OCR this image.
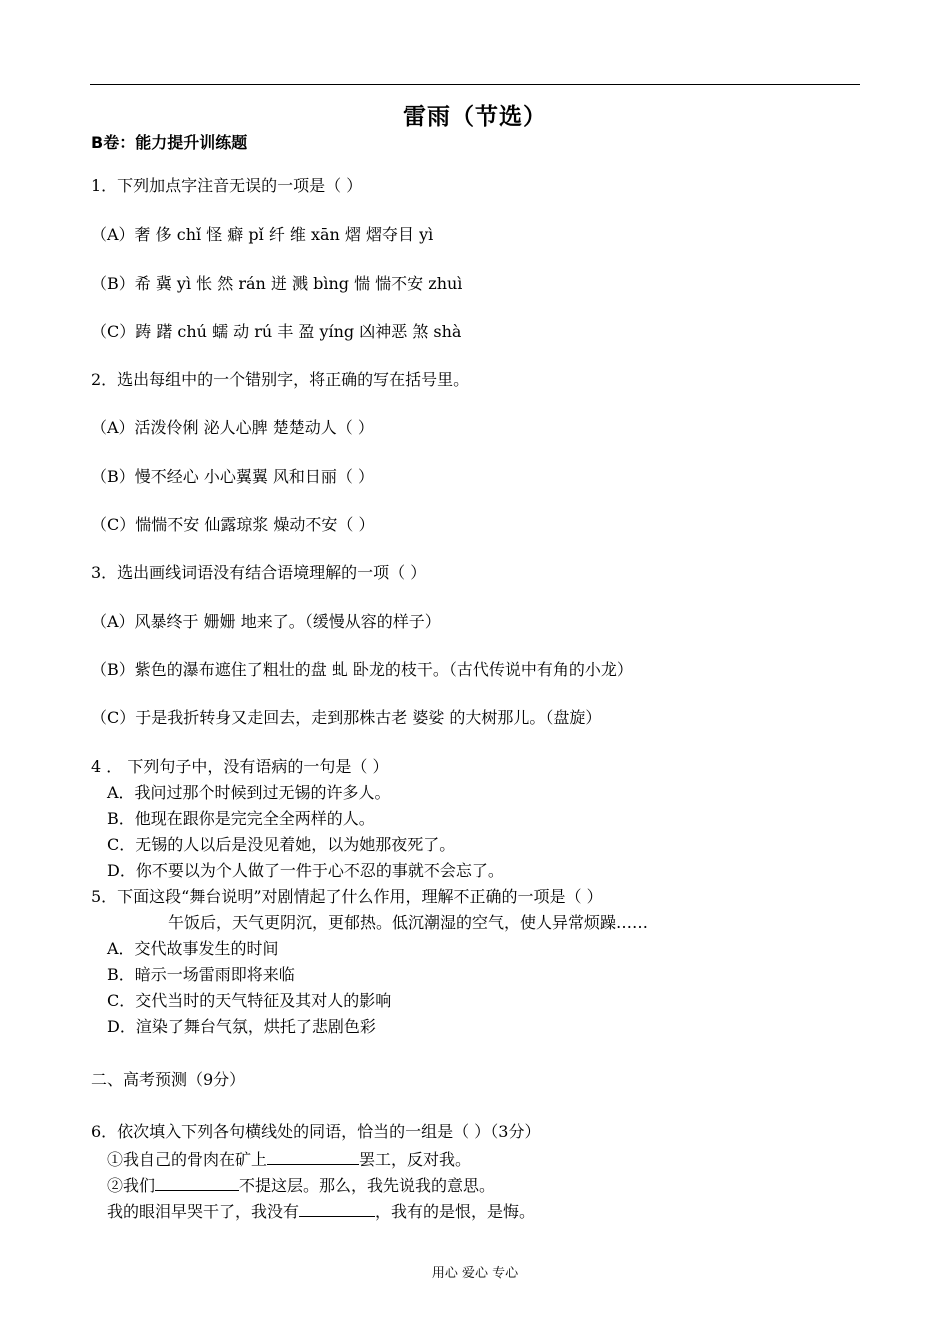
雷雨（节选）
B卷：能力提升训练题
1．下列加点字注音无误的一项是（ ）
（A）奢 侈 chǐ 怪 癖 pǐ 纤 维 xān 熠 熠夺目 yì
（B）希 冀 yì 怅 然 rán 迸 溅 bìng 惴 惴不安 zhuì
（C）踌 躇 chú 蠕 动 rú 丰 盈 yíng 凶神恶 煞 shà
2．选出每组中的一个错别字，将正确的写在括号里。
（A）活泼伶俐 泌人心脾 楚楚动人（ ）
（B）慢不经心 小心翼翼 风和日丽（ ）
（C）惴惴不安 仙露琼浆 燥动不安（ ）
3．选出画线词语没有结合语境理解的一项（ ）
（A）风暴终于 姗姗 地来了。（缓慢从容的样子）
（B）紫色的瀑布遮住了粗壮的盘 虬 卧龙的枝干。（古代传说中有角的小龙）
（C）于是我折转身又走回去，走到那株古老 婆娑 的大树那儿。（盘旋）
4 ． 下列句子中，没有语病的一句是（ ）
A．我问过那个时候到过无锡的许多人。
B．他现在跟你是完完全全两样的人。
C．无锡的人以后是没见着她，以为她那夜死了。
D．你不要以为个人做了一件于心不忍的事就不会忘了。
5．下面这段“舞台说明”对剧情起了什么作用，理解不正确的一项是（ ）
午饭后，天气更阴沉，更郁热。低沉潮湿的空气，使人异常烦躁……
A．交代故事发生的时间
B．暗示一场雷雨即将来临
C．交代当时的天气特征及其对人的影响
D．渲染了舞台气氛，烘托了悲剧色彩
二、高考预测（9分）
6．依次填入下列各句横线处的同语，恰当的一组是（ ）（3分）
①我自己的骨肉在矿上	罢工，反对我。
②我们	不提这层。那么，我先说我的意思。
我的眼泪早哭干了，我没有	，我有的是恨，是悔。
用心 爱心 专心
